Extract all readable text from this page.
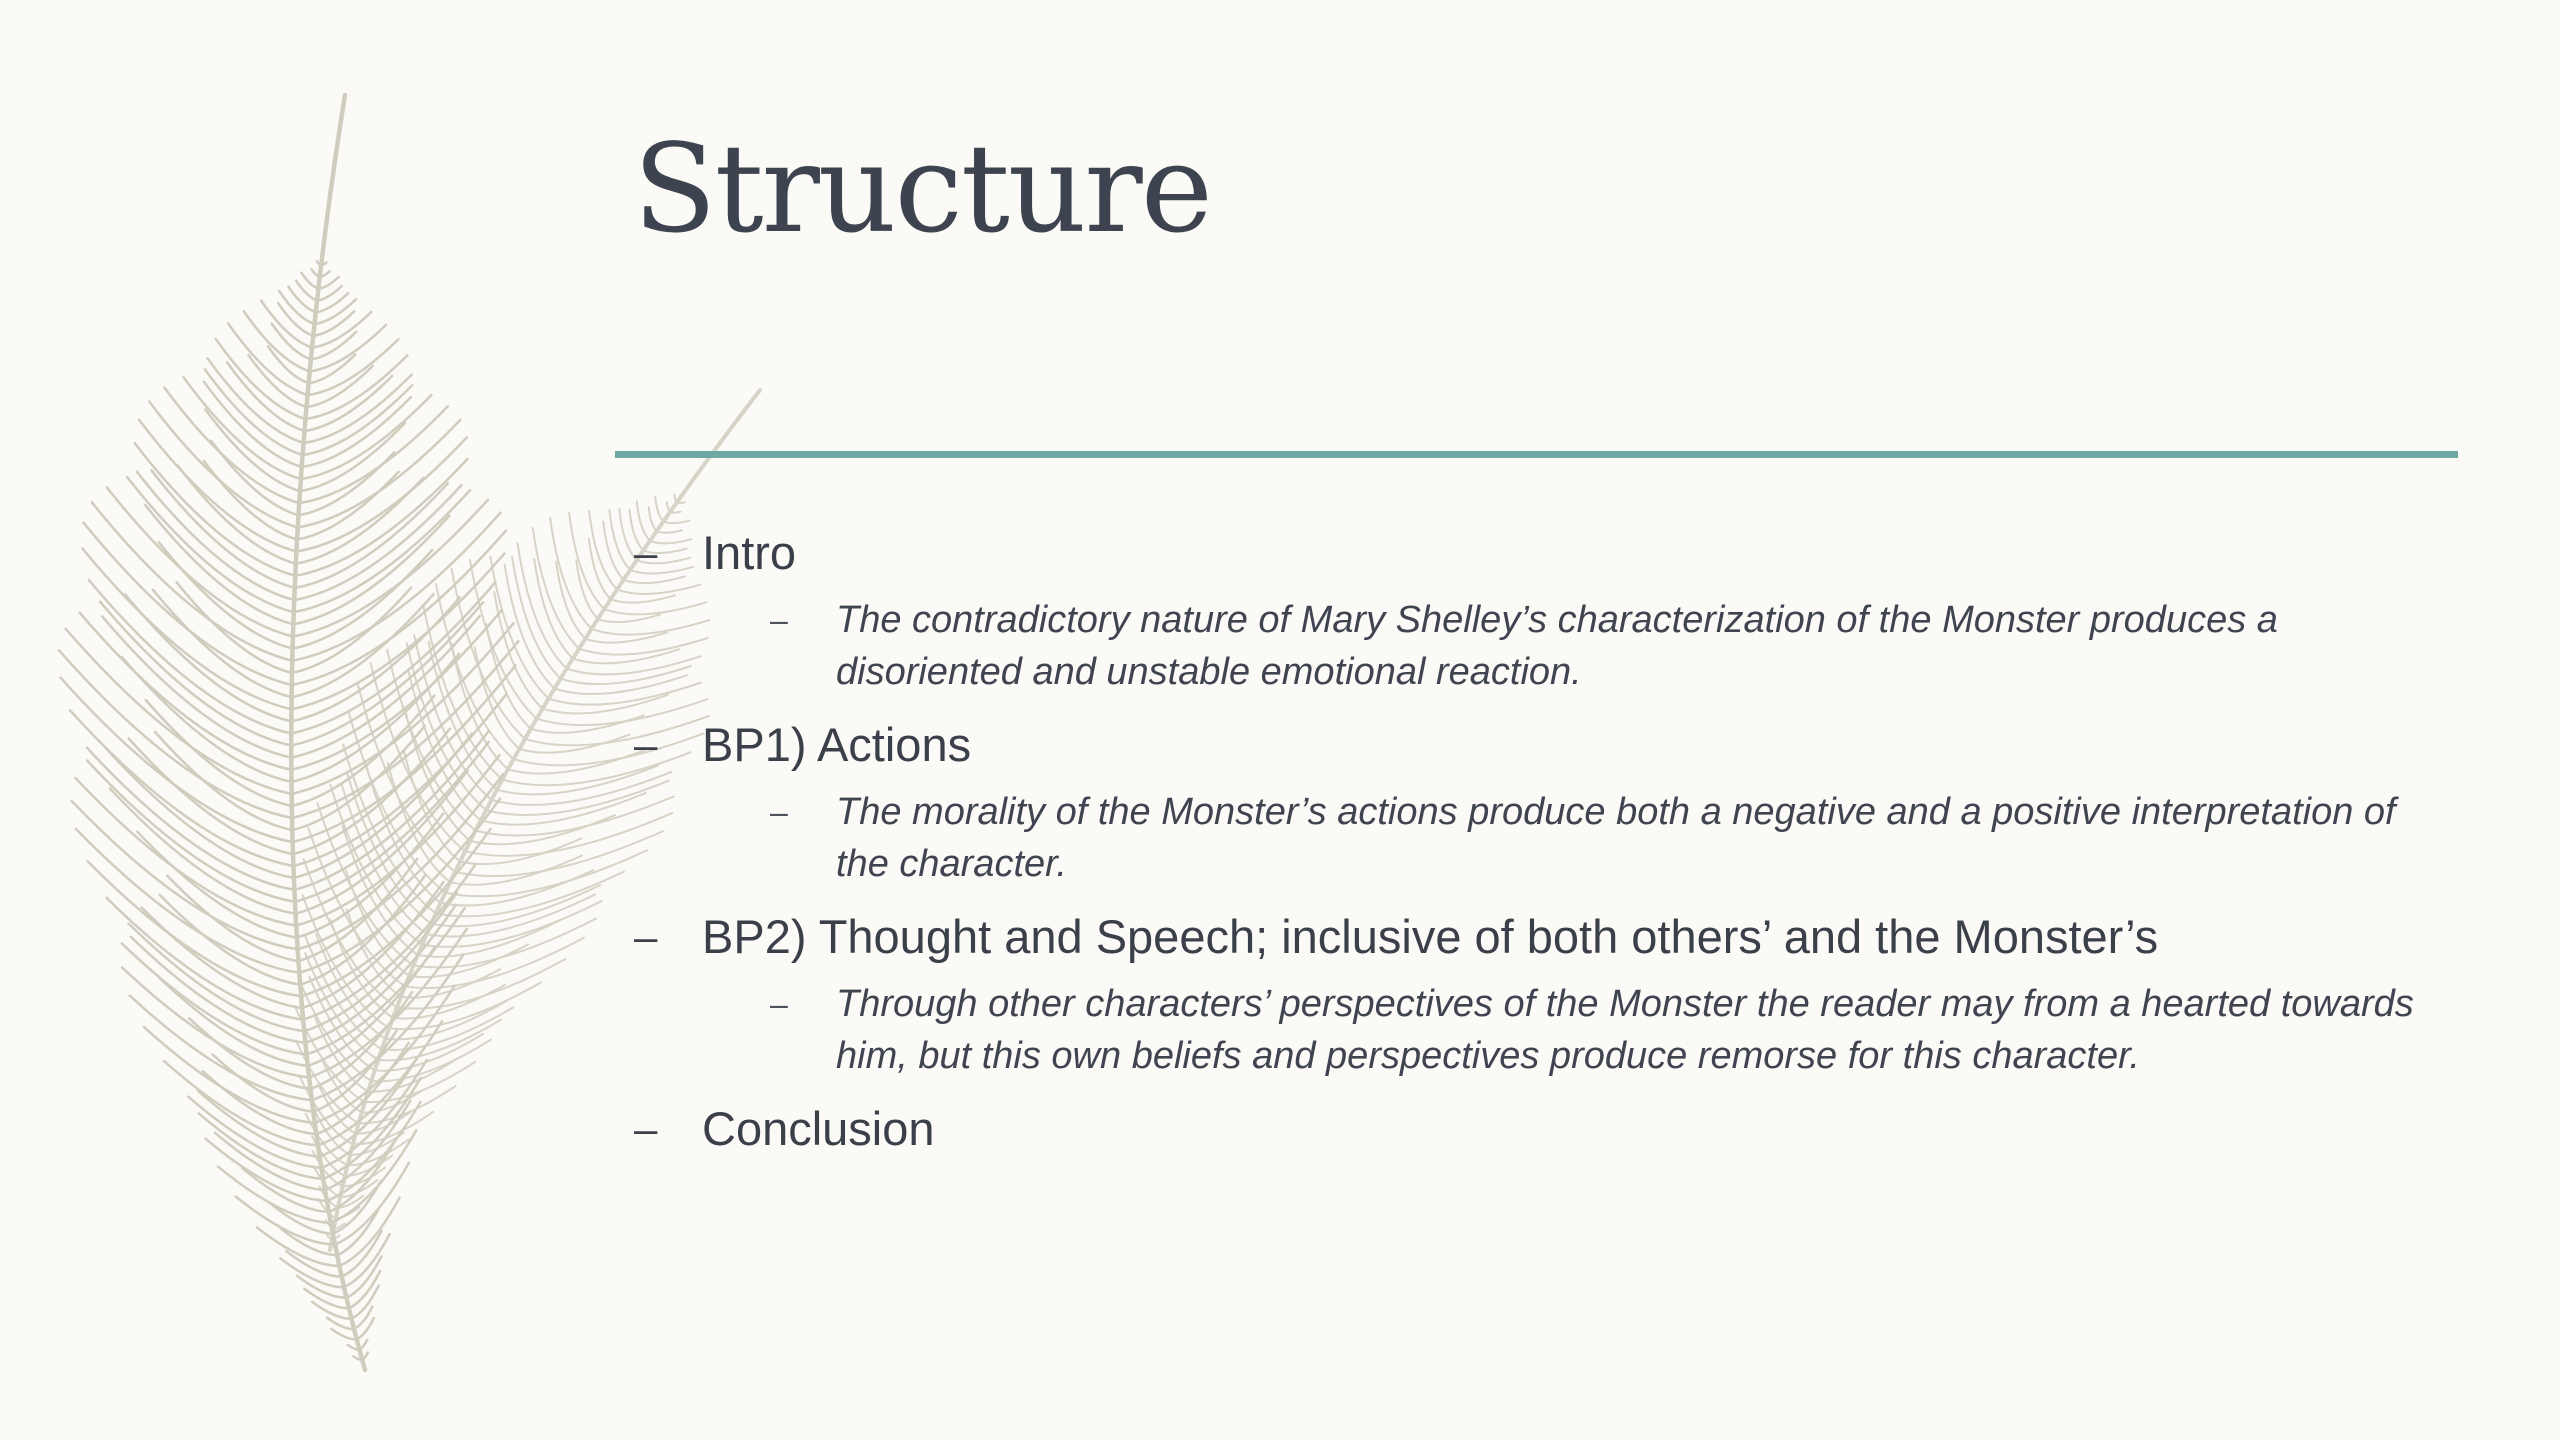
Structure
– Intro
– The contradictory nature of Mary Shelley’s characterization of the Monster produces a disoriented and unstable emotional reaction.
– BP1) Actions
– The morality of the Monster’s actions produce both a negative and a positive interpretation of the character.
– BP2) Thought and Speech; inclusive of both others’ and the Monster’s
– Through other characters’ perspectives of the Monster the reader may from a hearted towards him, but this own beliefs and perspectives produce remorse for this character.
– Conclusion
